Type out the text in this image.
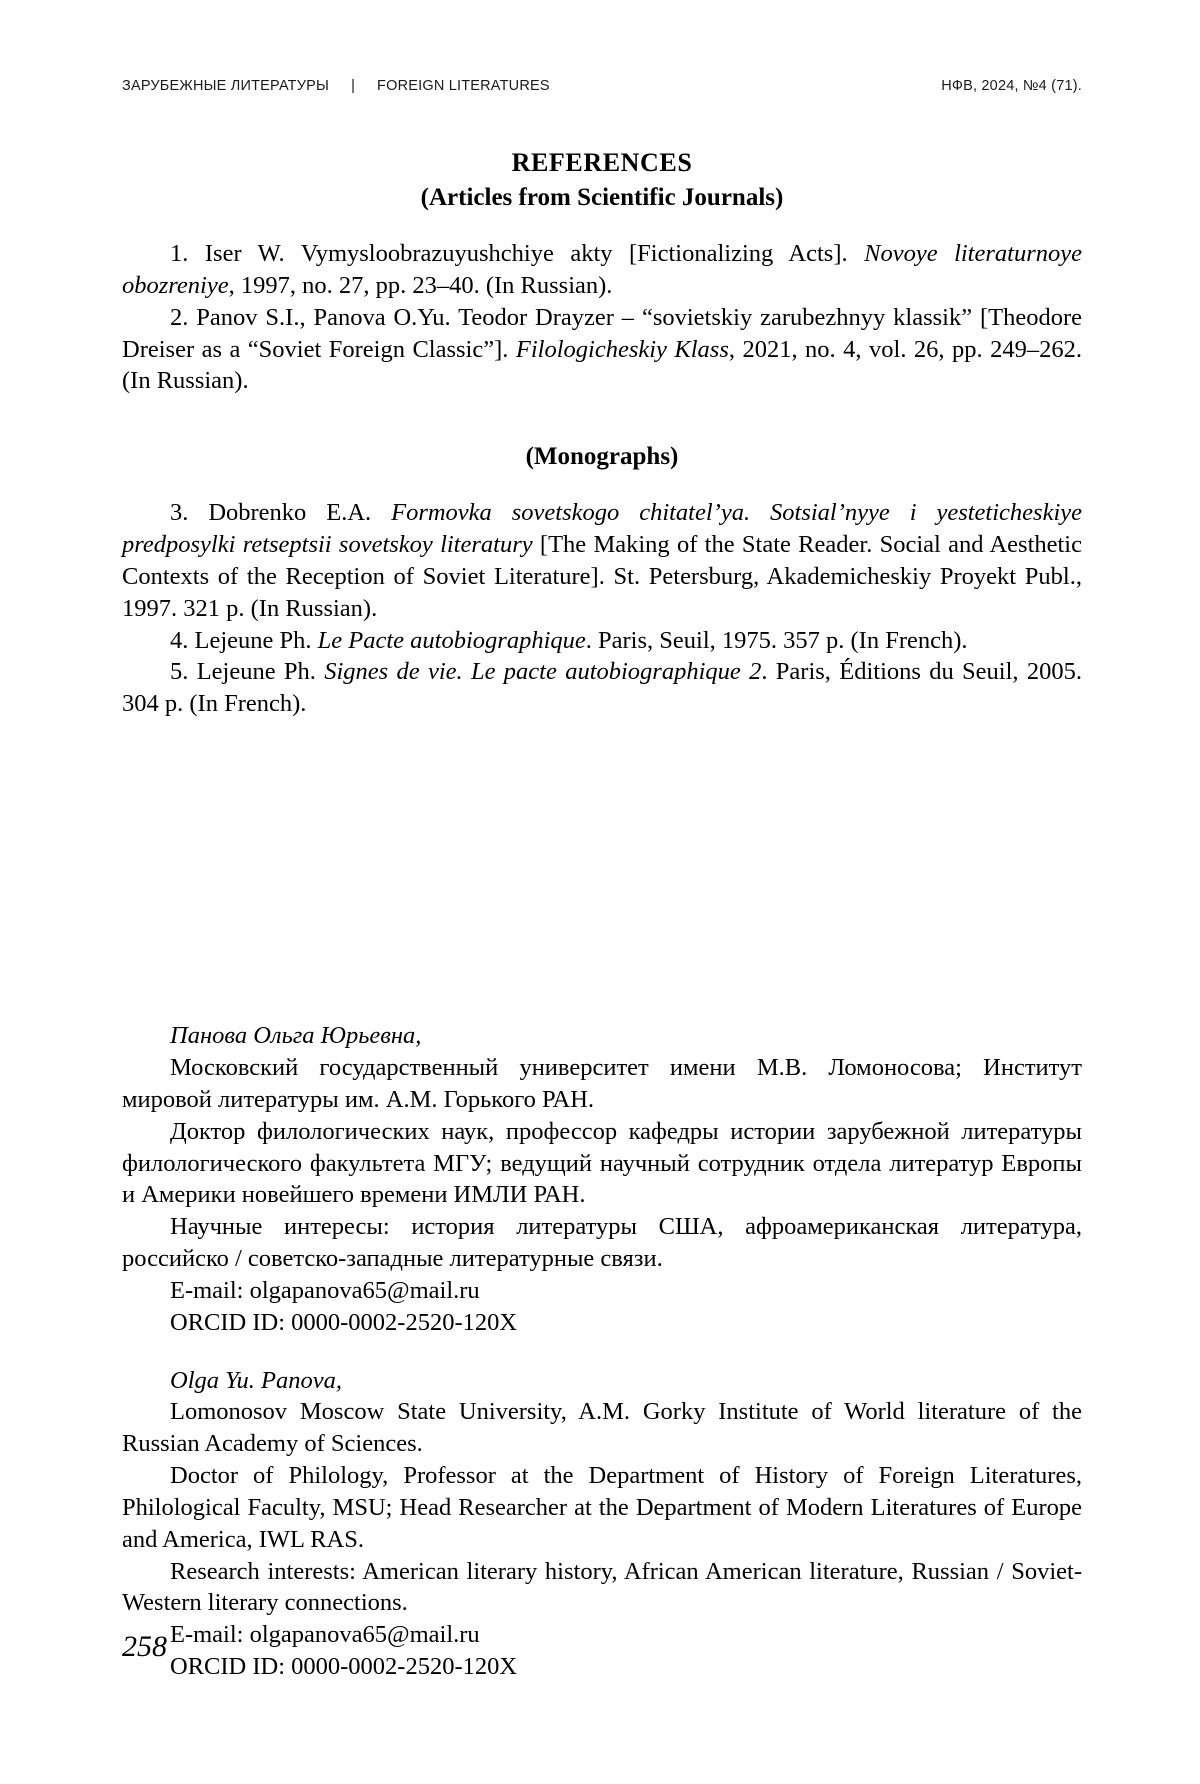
ЗАРУБЕЖНЫЕ ЛИТЕРАТУРЫ	|	FOREIGN LITERATURES	НФВ, 2024, №4 (71).
REFERENCES
(Articles from Scientific Journals)

1. Iser W. Vymysloobrazuyushchiye akty [Fictionalizing Acts]. Novoye literaturnoye obozreniye, 1997, no. 27, pp. 23–40. (In Russian).

2. Panov S.I., Panova O.Yu. Teodor Drayzer – “sovietskiy zarubezhnyy klassik” [Theodore Dreiser as a “Soviet Foreign Classic”]. Filologicheskiy Klass, 2021, no. 4, vol. 26, pp. 249–262. (In Russian).

(Monographs)

3. Dobrenko E.A. Formovka sovetskogo chitatel’ya. Sotsial’nyye i yesteticheskiye predposylki retseptsii sovetskoy literatury [The Making of the State Reader. Social and Aesthetic Contexts of the Reception of Soviet Literature]. St. Petersburg, Akademicheskiy Proyekt Publ., 1997. 321 p. (In Russian).

4. Lejeune Ph. Le Pacte autobiographique. Paris, Seuil, 1975. 357 p. (In French).

5. Lejeune Ph. Signes de vie. Le pacte autobiographique 2. Paris, Éditions du Seuil, 2005. 304 p. (In French).

Панова Ольга Юрьевна,

Московский государственный университет имени М.В. Ломоносова; Институт мировой литературы им. А.М. Горького РАН.

Доктор филологических наук, профессор кафедры истории зарубежной литературы филологического факультета МГУ; ведущий научный сотрудник отдела литератур Европы и Америки новейшего времени ИМЛИ РАН.

Научные интересы: история литературы США, афроамериканская литература, российско / советско-западные литературные связи.

E-mail: olgapanova65@mail.ru

ORCID ID: 0000-0002-2520-120X

Olga Yu. Panova,

Lomonosov Moscow State University, A.M. Gorky Institute of World literature of the Russian Academy of Sciences.

Doctor of Philology, Professor at the Department of History of Foreign Literatures, Philological Faculty, MSU; Head Researcher at the Department of Modern Literatures of Europe and America, IWL RAS.

Research interests: American literary history, African American literature, Russian / Soviet-Western literary connections.

E-mail: olgapanova65@mail.ru

ORCID ID: 0000-0002-2520-120X

258
